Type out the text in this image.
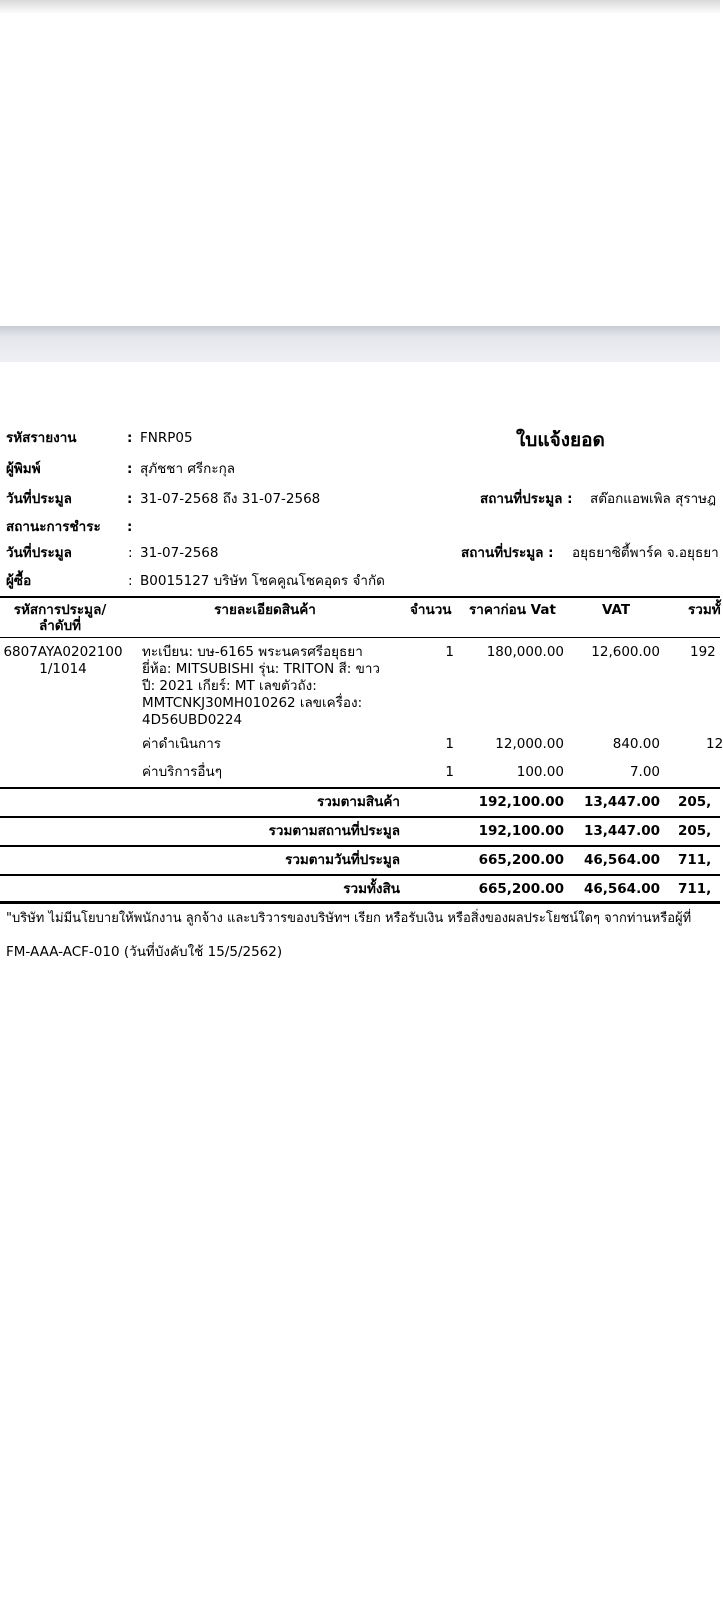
รหัสรายงาน	: FNRP05
ผู้พิมพ์	: สุภัชชา ศรีกะกุล
วันที่ประมูล	: 31-07-2568 ถึง 31-07-2568
สถานะการชำระ :
วันที่ประมูล	: 31-07-2568
ผู้ซื้อ	: B0015127 บริษัท โชคคูณโชคอุดร จำกัด
ใบแจ้งยอด
สถานที่ประมูล : สต๊อกแอพเพิล สุราษฎ
สถานที่ประมูล : อยุธยาซิตี้พาร์ค จ.อยุธยา
รหัสการประมูล/
ลำดับที่
รายละเอียดสินค้า	จำนวน ราคาก่อน Vat	VAT	รวมทั้
6807AYA0202100
1/1014
ทะเบียน: บษ-6165 พระนครศรีอยุธยา
ยี่ห้อ: MITSUBISHI รุ่น: TRITON สี: ขาว
ปี: 2021 เกียร์: MT เลขตัวถัง:
MMTCNKJ30MH010262 เลขเครื่อง:
4D56UBD0224
1	180,000.00	12,600.00 192
ค่าดำเนินการ	1	12,000.00	840.00	12
ค่าบริการอื่นๆ	1	100.00	7.00
รวมตามสินค้า	192,100.00	13,447.00 205,
รวมตามสถานที่ประมูล	192,100.00	13,447.00 205,
รวมตามวันที่ประมูล	665,200.00	46,564.00 711,
รวมทั้งสิน	665,200.00	46,564.00 711,
"บริษัท ไม่มีนโยบายให้พนักงาน ลูกจ้าง และบริวารของบริษัทฯ เรียก หรือรับเงิน หรือสิ่งของผลประโยชน์ใดๆ จากท่านหรือผู้ที่
FM-AAA-ACF-010 (วันที่บังคับใช้ 15/5/2562)
